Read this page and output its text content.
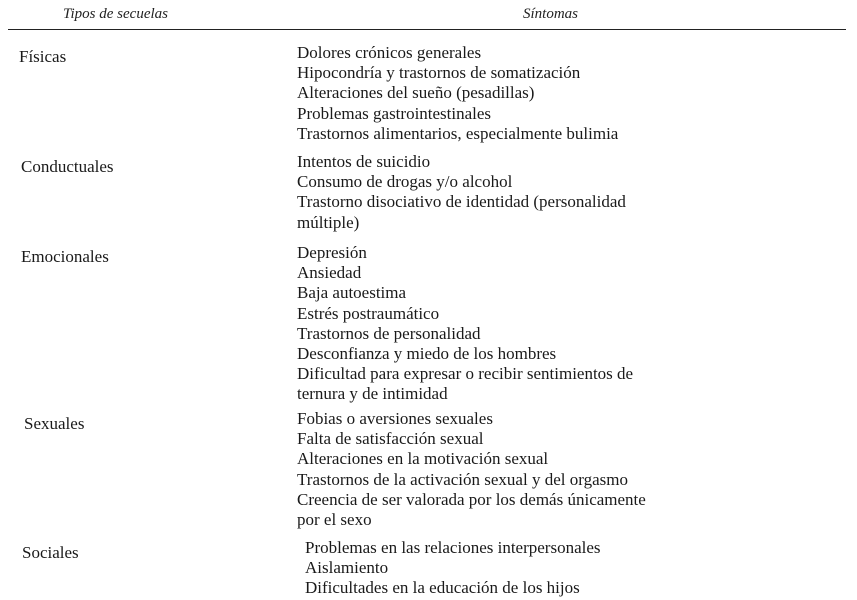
Tipos de secuelas	Síntomas
Físicas	Dolores crónicos generales
Hipocondría y trastornos de somatización
Alteraciones del sueño (pesadillas)
Problemas gastrointestinales
Trastornos alimentarios, especialmente bulimia
Conductuales	Intentos de suicidio
Consumo de drogas y/o alcohol
Trastorno disociativo de identidad (personalidad
múltiple)
Emocionales	Depresión
Ansiedad
Baja autoestima
Estrés postraumático
Trastornos de personalidad
Desconfianza y miedo de los hombres
Dificultad para expresar o recibir sentimientos de
ternura y de intimidad
Sexuales	Fobias o aversiones sexuales
Falta de satisfacción sexual
Alteraciones en la motivación sexual
Trastornos de la activación sexual y del orgasmo
Creencia de ser valorada por los demás únicamente
por el sexo
Sociales	Problemas en las relaciones interpersonales
Aislamiento
Dificultades en la educación de los hijos
